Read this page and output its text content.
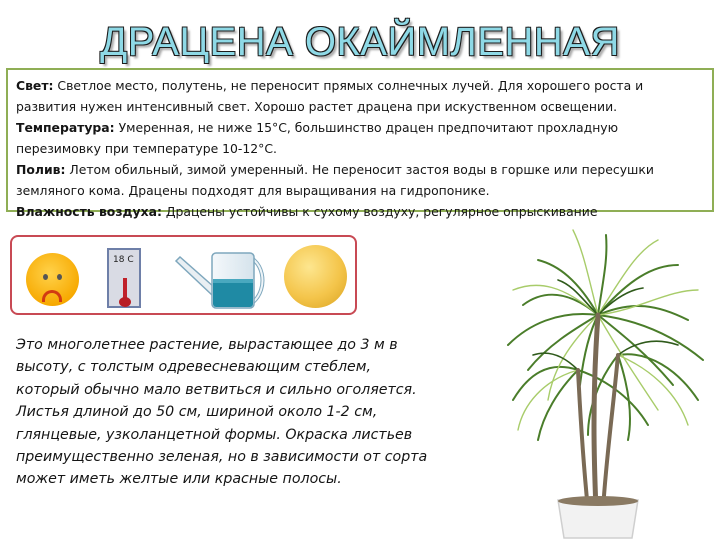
ДРАЦЕНА ОКАЙМЛЕННАЯ

Свет: Светлое место, полутень, не переносит прямых солнечных лучей. Для хорошего роста и развития нужен интенсивный свет. Хорошо растет драцена при искуственном освещении.

Температура: Умеренная, не ниже 15°С, большинство драцен предпочитают прохладную перезимовку при температуре 10-12°С.

Полив: Летом обильный, зимой умеренный. Не переносит застоя воды в горшке или пересушки земляного кома. Драцены подходят для выращивания на гидропонике.

Влажность воздуха: Драцены устойчивы к сухому воздуху, регулярное опрыскивание

18 С

Это многолетнее растение, вырастающее до 3 м в высоту, с толстым одревесневающим стеблем, который обычно мало ветвиться и сильно оголяется. Листья длиной до 50 см, шириной около 1-2 см, глянцевые, узколанцетной формы. Окраска листьев преимущественно зеленая, но в зависимости от сорта может иметь желтые или красные полосы.
